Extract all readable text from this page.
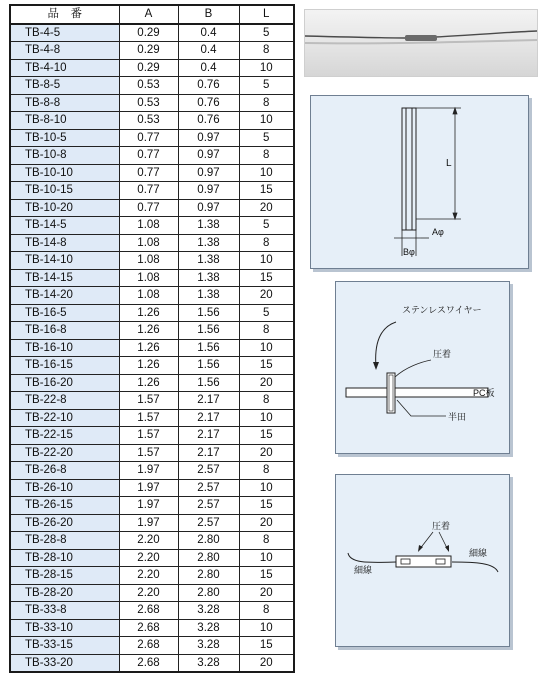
品　番	A	B	L
TB-4-5	0.29	0.4	5
TB-4-8	0.29	0.4	8
TB-4-10	0.29	0.4	10
TB-8-5	0.53	0.76	5
TB-8-8	0.53	0.76	8
TB-8-10	0.53	0.76	10
TB-10-5	0.77	0.97	5
TB-10-8	0.77	0.97	8
TB-10-10	0.77	0.97	10
TB-10-15	0.77	0.97	15
TB-10-20	0.77	0.97	20
TB-14-5	1.08	1.38	5
TB-14-8	1.08	1.38	8
TB-14-10	1.08	1.38	10
TB-14-15	1.08	1.38	15
TB-14-20	1.08	1.38	20
TB-16-5	1.26	1.56	5
TB-16-8	1.26	1.56	8
TB-16-10	1.26	1.56	10
TB-16-15	1.26	1.56	15
TB-16-20	1.26	1.56	20
TB-22-8	1.57	2.17	8
TB-22-10	1.57	2.17	10
TB-22-15	1.57	2.17	15
TB-22-20	1.57	2.17	20
TB-26-8	1.97	2.57	8
TB-26-10	1.97	2.57	10
TB-26-15	1.97	2.57	15
TB-26-20	1.97	2.57	20
TB-28-8	2.20	2.80	8
TB-28-10	2.20	2.80	10
TB-28-15	2.20	2.80	15
TB-28-20	2.20	2.80	20
TB-33-8	2.68	3.28	8
TB-33-10	2.68	3.28	10
TB-33-15	2.68	3.28	15
TB-33-20	2.68	3.28	20
L
Aφ
Bφ
ステンレスワイヤー
圧着
PC板
半田
圧着
細線
細線
